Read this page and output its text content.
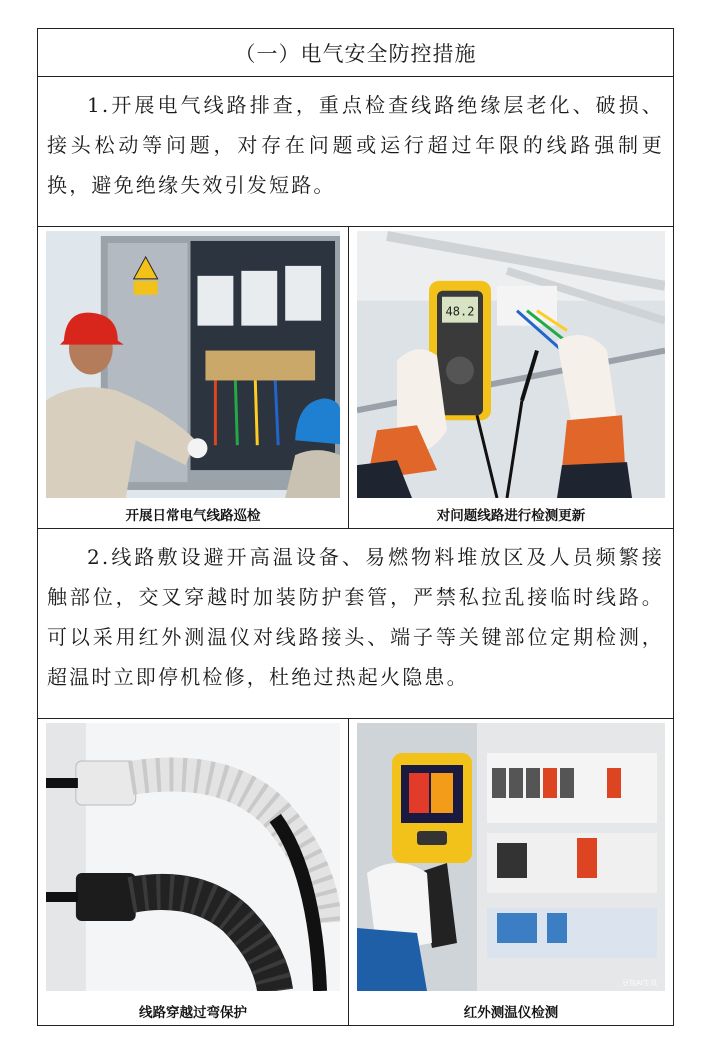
（一）电气安全防控措施

1.开展电气线路排查，重点检查线路绝缘层老化、破损、接头松动等问题，对存在问题或运行超过年限的线路强制更换，避免绝缘失效引发短路。

开展日常电气线路巡检
48.2
对问题线路进行检测更新

2.线路敷设避开高温设备、易燃物料堆放区及人员频繁接触部位，交叉穿越时加装防护套管，严禁私拉乱接临时线路。可以采用红外测温仪对线路接头、端子等关键部位定期检测，超温时立即停机检修，杜绝过热起火隐患。

线路穿越过弯保护
豆包AI生成
红外测温仪检测
